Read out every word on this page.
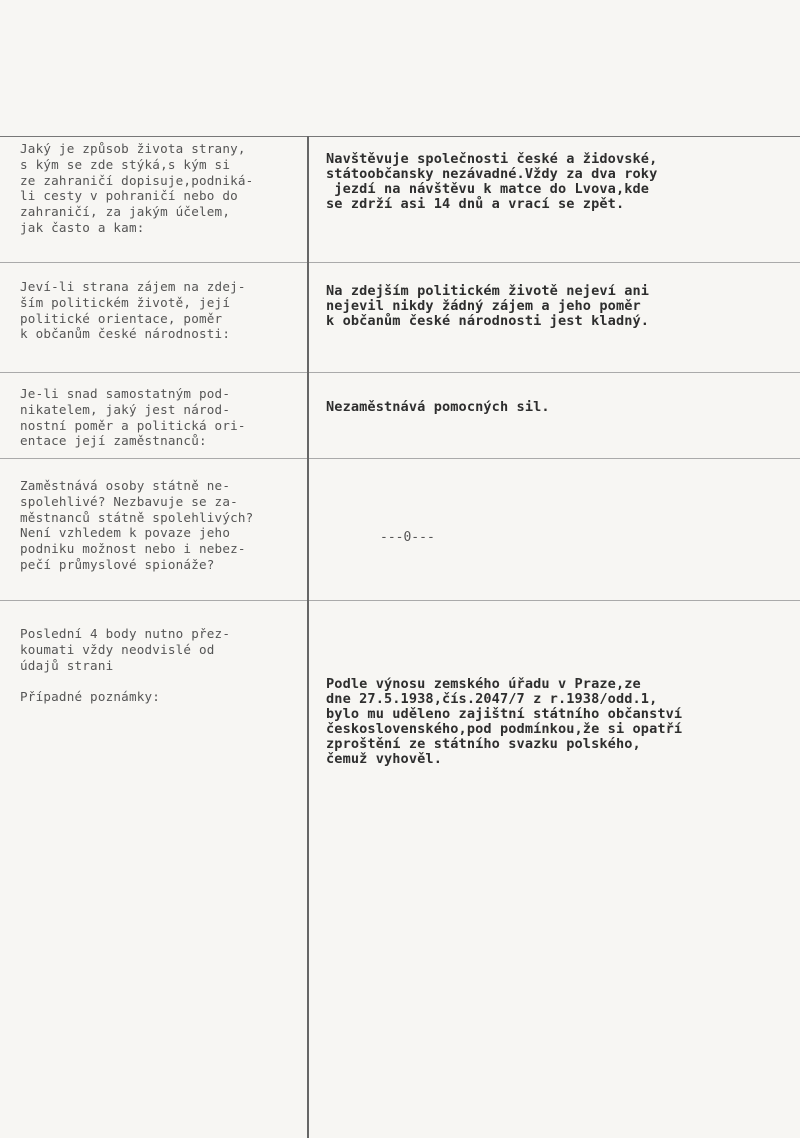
Jaký je způsob života strany,
s kým se zde stýká,s kým si
ze zahraničí dopisuje,podniká-
li cesty v pohraničí nebo do
zahraničí, za jakým účelem,
jak často a kam:
Navštěvuje společnosti české a židovské,
státoobčansky nezávadné.Vždy za dva roky
jezdí na návštěvu k matce do Lvova,kde
se zdrží asi 14 dnů a vrací se zpět.
Jeví-li strana zájem na zdej-
ším politickém životě, její
politické orientace, poměr
k občanům české národnosti:
Na zdejším politickém životě nejeví ani
nejevil nikdy žádný zájem a jeho poměr
k občanům české národnosti jest kladný.
Je-li snad samostatným pod-
nikatelem, jaký jest národ-
nostní poměr a politická ori-
entace její zaměstnanců:
Nezaměstnává pomocných sil.
Zaměstnává osoby státně ne-
spolehlivé? Nezbavuje se za-
městnanců státně spolehlivých?
Není vzhledem k povaze jeho
podniku možnost nebo i nebez-
pečí průmyslové spionáže?
---0---
Poslední 4 body nutno přez-
koumati vždy neodvislé od
údajů strani

Případné poznámky:
Podle výnosu zemského úřadu v Praze,ze
dne 27.5.1938,čís.2047/7 z r.1938/odd.1,
bylo mu uděleno zajištní státního občanství
československého,pod podmínkou,že si opatří
zproštění ze státního svazku polského,
čemuž vyhověl.
